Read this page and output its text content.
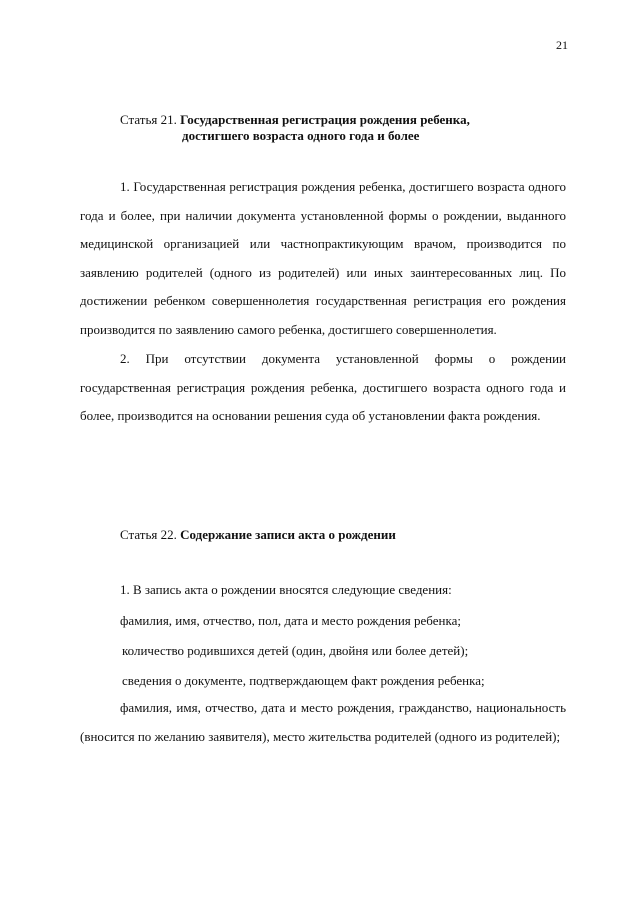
21
Статья 21. Государственная регистрация рождения ребенка,
достигшего возраста одного года и более

1. Государственная регистрация рождения ребенка, достигшего возраста одного года и более, при наличии документа установленной формы о рождении, выданного медицинской организацией или частнопрактикующим врачом, производится по заявлению родителей (одного из родителей) или иных заинтересованных лиц. По достижении ребенком совершеннолетия государственная регистрация его рождения производится по заявлению самого ребенка, достигшего совершеннолетия.

2. При отсутствии документа установленной формы о рождении государственная регистрация рождения ребенка, достигшего возраста одного года и более, производится на основании решения суда об установлении факта рождения.

Статья 22. Содержание записи акта о рождении

1. В запись акта о рождении вносятся следующие сведения:

фамилия, имя, отчество, пол, дата и место рождения ребенка;

количество родившихся детей (один, двойня или более детей);

сведения о документе, подтверждающем факт рождения ребенка;

фамилия, имя, отчество, дата и место рождения, гражданство, национальность (вносится по желанию заявителя), место жительства родителей (одного из родителей);
